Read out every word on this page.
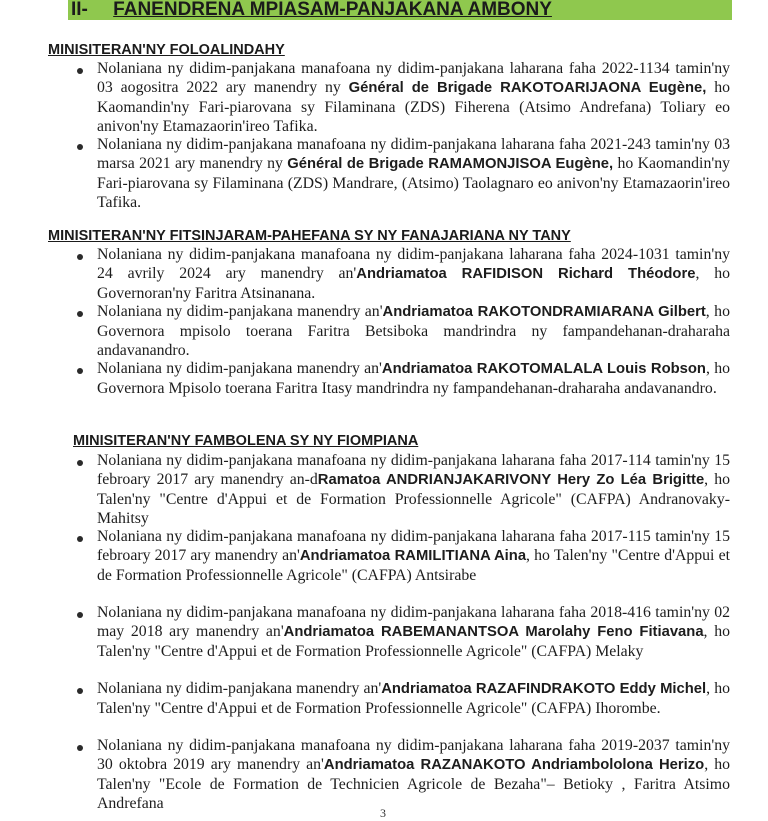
II- FANENDRENA MPIASAM-PANJAKANA AMBONY
MINISITERAN'NY FOLOALINDAHY
Nolaniana ny didim-panjakana manafoana ny didim-panjakana laharana faha 2022-1134 tamin'ny 03 aogositra 2022 ary manendry ny Général de Brigade RAKOTOARIJAONA Eugène, ho Kaomandin'ny Fari-piarovana sy Filaminana (ZDS) Fiherena (Atsimo Andrefana) Toliary eo anivon'ny Etamazaorin'ireo Tafika.
Nolaniana ny didim-panjakana manafoana ny didim-panjakana laharana faha 2021-243 tamin'ny 03 marsa 2021 ary manendry ny Général de Brigade RAMAMONJISOA Eugène, ho Kaomandin'ny Fari-piarovana sy Filaminana (ZDS) Mandrare, (Atsimo) Taolagnaro eo anivon'ny Etamazaorin'ireo Tafika.
MINISITERAN'NY FITSINJARAM-PAHEFANA SY NY FANAJARIANA NY TANY
Nolaniana ny didim-panjakana manafoana ny didim-panjakana laharana faha 2024-1031 tamin'ny 24 avrily 2024 ary manendry an'Andriamatoa RAFIDISON Richard Théodore, ho Governoran'ny Faritra Atsinanana.
Nolaniana ny didim-panjakana manendry an'Andriamatoa RAKOTONDRAMIARANA Gilbert, ho Governora mpisolo toerana Faritra Betsiboka mandrindra ny fampandehanan-draharaha andavanandro.
Nolaniana ny didim-panjakana manendry an'Andriamatoa RAKOTOMALALA Louis Robson, ho Governora Mpisolo toerana Faritra Itasy mandrindra ny fampandehanan-draharaha andavanandro.
MINISITERAN'NY FAMBOLENA SY NY FIOMPIANA
Nolaniana ny didim-panjakana manafoana ny didim-panjakana laharana faha 2017-114 tamin'ny 15 febroary 2017 ary manendry an-dRamatoa ANDRIANJAKARIVONY Hery Zo Léa Brigitte, ho Talen'ny "Centre d'Appui et de Formation Professionnelle Agricole" (CAFPA) Andranovaky-Mahitsy
Nolaniana ny didim-panjakana manafoana ny didim-panjakana laharana faha 2017-115 tamin'ny 15 febroary 2017 ary manendry an'Andriamatoa RAMILITIANA Aina, ho Talen'ny "Centre d'Appui et de Formation Professionnelle Agricole" (CAFPA) Antsirabe
Nolaniana ny didim-panjakana manafoana ny didim-panjakana laharana faha 2018-416 tamin'ny 02 may 2018 ary manendry an'Andriamatoa RABEMANANTSOA Marolahy Feno Fitiavana, ho Talen'ny "Centre d'Appui et de Formation Professionnelle Agricole" (CAFPA) Melaky
Nolaniana ny didim-panjakana manendry an'Andriamatoa RAZAFINDRAKOTO Eddy Michel, ho Talen'ny "Centre d'Appui et de Formation Professionnelle Agricole" (CAFPA) Ihorombe.
Nolaniana ny didim-panjakana manafoana ny didim-panjakana laharana faha 2019-2037 tamin'ny 30 oktobra 2019 ary manendry an'Andriamatoa RAZANAKOTO Andriambololona Herizo, ho Talen'ny "Ecole de Formation de Technicien Agricole de Bezaha"– Betioky , Faritra Atsimo Andrefana
3
